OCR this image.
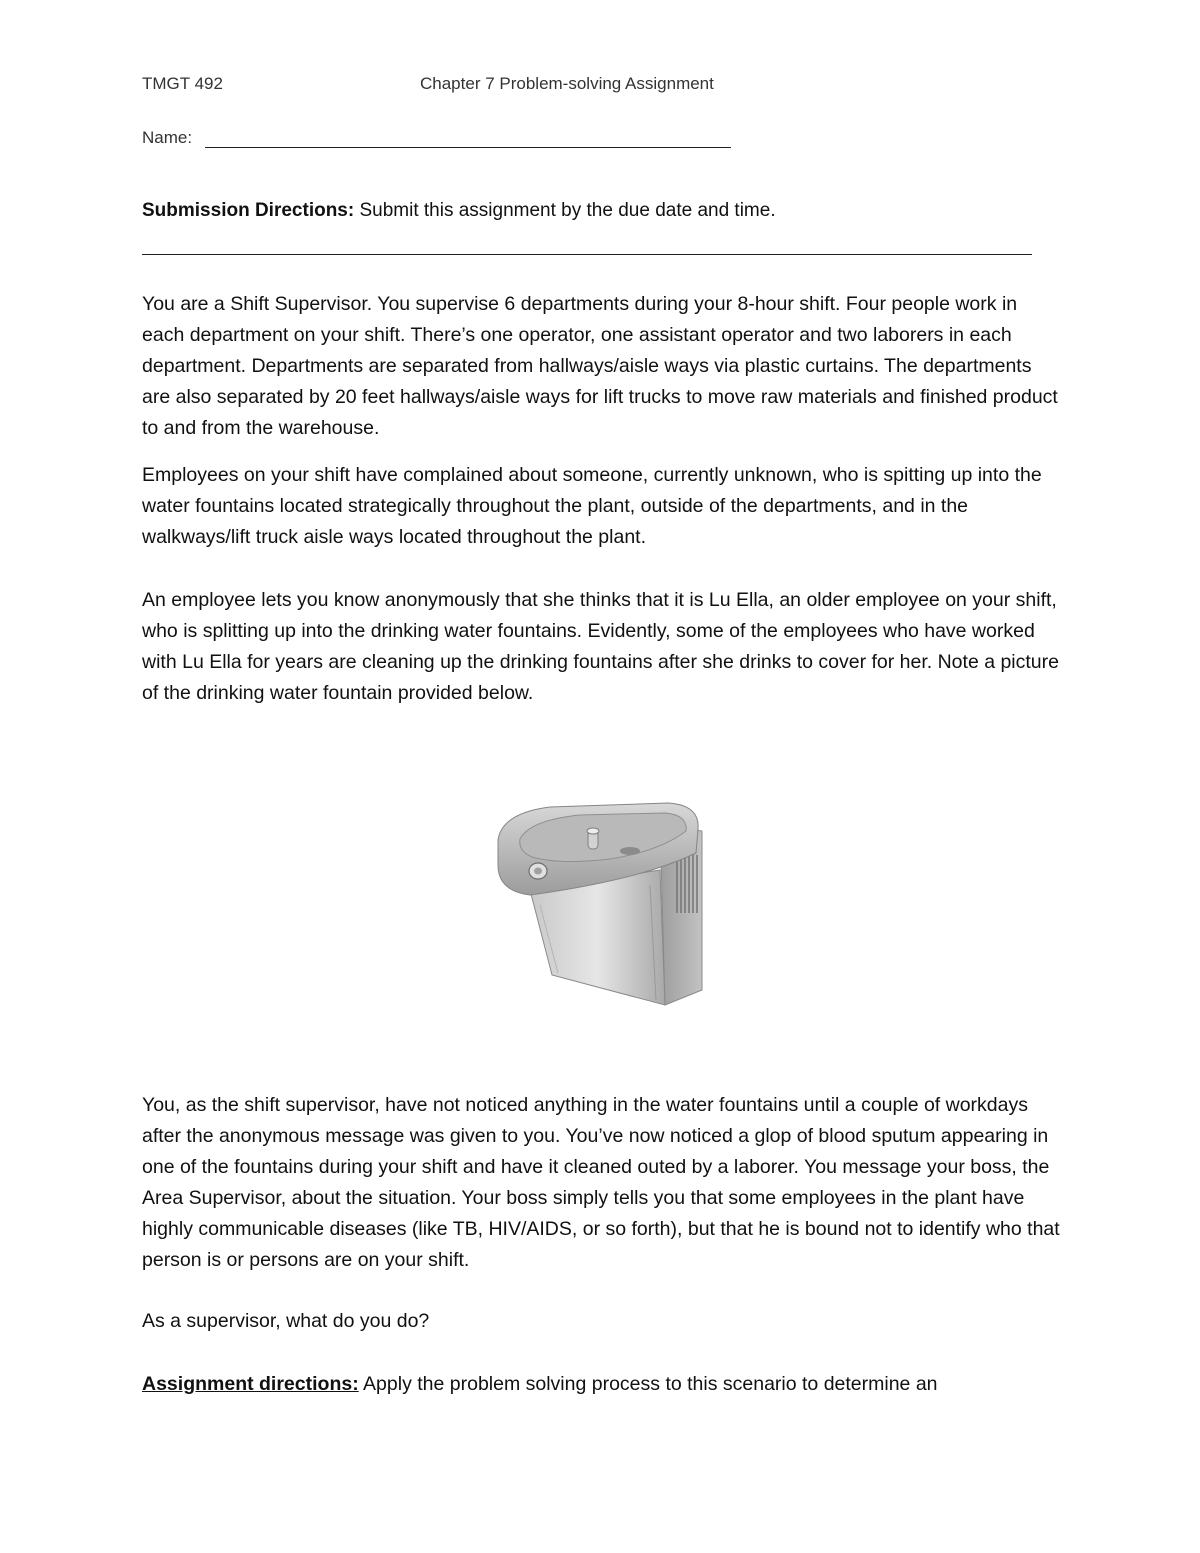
TMGT 492	Chapter 7 Problem-solving Assignment
Name:
Submission Directions: Submit this assignment by the due date and time.

You are a Shift Supervisor. You supervise 6 departments during your 8-hour shift. Four people work in each department on your shift. There’s one operator, one assistant operator and two laborers in each department. Departments are separated from hallways/aisle ways via plastic curtains. The departments are also separated by 20 feet hallways/aisle ways for lift trucks to move raw materials and finished product to and from the warehouse.

Employees on your shift have complained about someone, currently unknown, who is spitting up into the water fountains located strategically throughout the plant, outside of the departments, and in the walkways/lift truck aisle ways located throughout the plant.

An employee lets you know anonymously that she thinks that it is Lu Ella, an older employee on your shift, who is splitting up into the drinking water fountains. Evidently, some of the employees who have worked with Lu Ella for years are cleaning up the drinking fountains after she drinks to cover for her. Note a picture of the drinking water fountain provided below.

You, as the shift supervisor, have not noticed anything in the water fountains until a couple of workdays after the anonymous message was given to you. You’ve now noticed a glop of blood sputum appearing in one of the fountains during your shift and have it cleaned outed by a laborer. You message your boss, the Area Supervisor, about the situation. Your boss simply tells you that some employees in the plant have highly communicable diseases (like TB, HIV/AIDS, or so forth), but that he is bound not to identify who that person is or persons are on your shift.

As a supervisor, what do you do?

Assignment directions: Apply the problem solving process to this scenario to determine an
